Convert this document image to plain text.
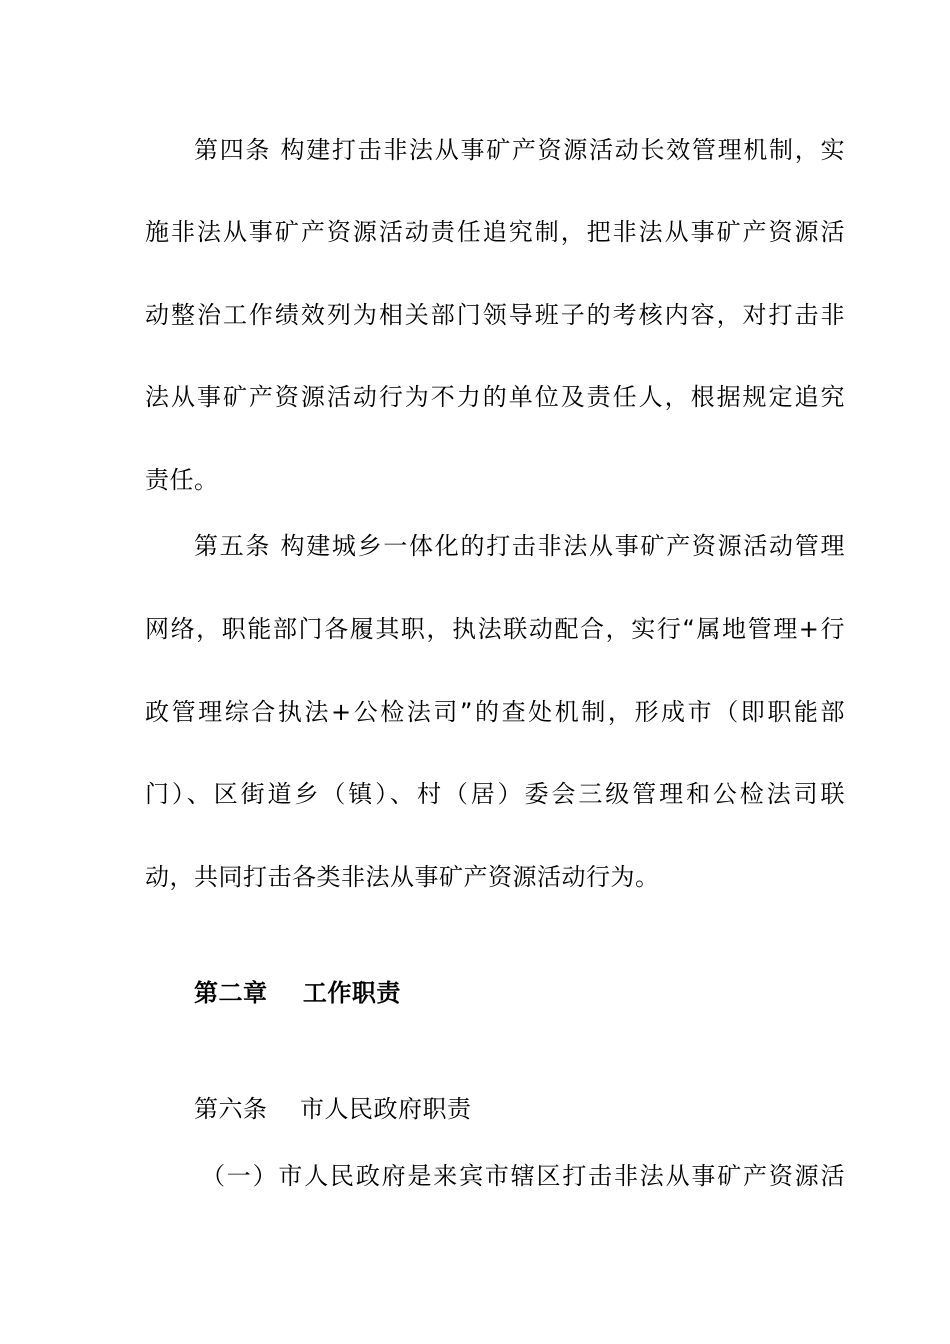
第四条 构建打击非法从事矿产资源活动长效管理机制，实
施非法从事矿产资源活动责任追究制，把非法从事矿产资源活
动整治工作绩效列为相关部门领导班子的考核内容，对打击非
法从事矿产资源活动行为不力的单位及责任人，根据规定追究
责任。
第五条 构建城乡一体化的打击非法从事矿产资源活动管理
网络，职能部门各履其职，执法联动配合，实行“属地管理+行
政管理综合执法+公检法司”的查处机制，形成市（即职能部
门）、区街道乡（镇）、村（居）委会三级管理和公检法司联
动，共同打击各类非法从事矿产资源活动行为。
第二章    工作职责
第六条    市人民政府职责
（一）市人民政府是来宾市辖区打击非法从事矿产资源活
